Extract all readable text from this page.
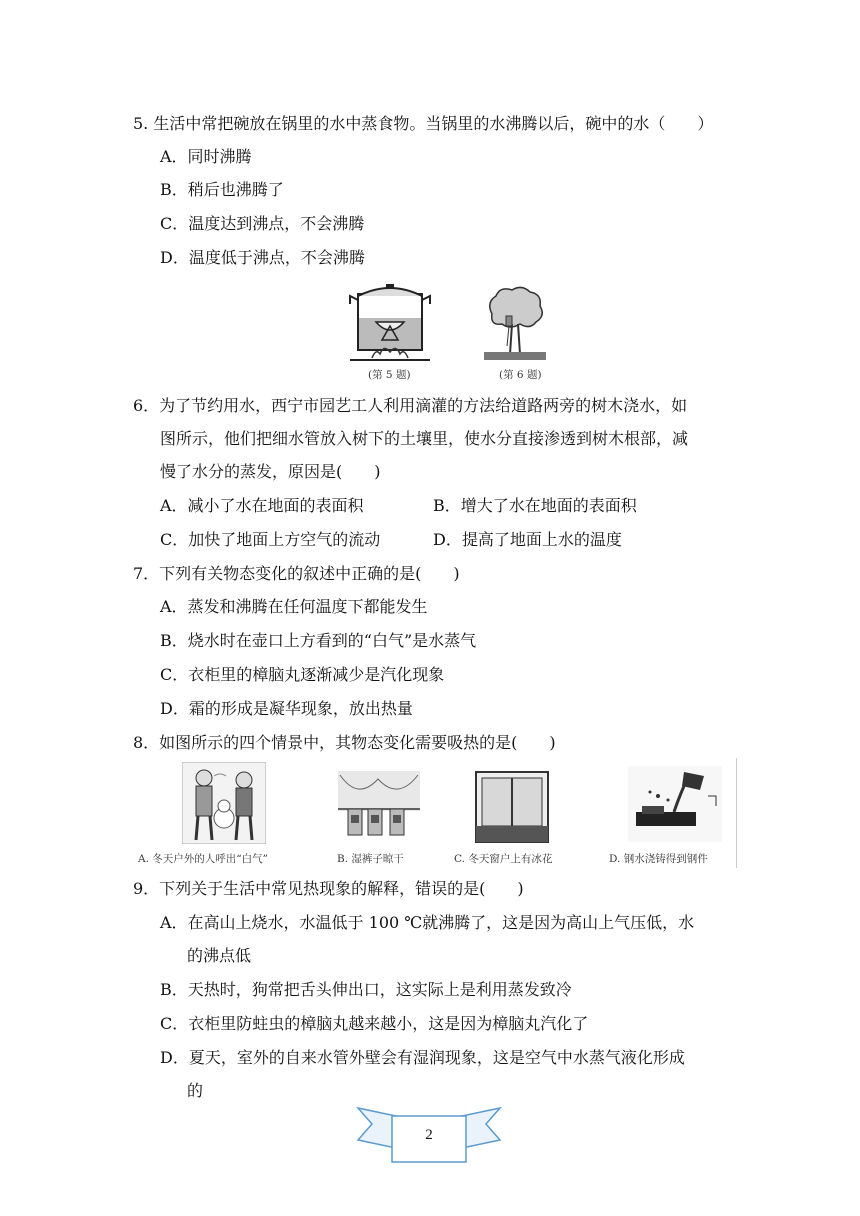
5. 生活中常把碗放在锅里的水中蒸食物。当锅里的水沸腾以后，碗中的水（　　）
A．同时沸腾
B．稍后也沸腾了
C．温度达到沸点，不会沸腾
D．温度低于沸点，不会沸腾
(第 5 题)	(第 6 题)
6．为了节约用水，西宁市园艺工人利用滴灌的方法给道路两旁的树木浇水，如
图所示，他们把细水管放入树下的土壤里，使水分直接渗透到树木根部，减
慢了水分的蒸发，原因是(　　)
A．减小了水在地面的表面积	B．增大了水在地面的表面积
C．加快了地面上方空气的流动	D．提高了地面上水的温度
7．下列有关物态变化的叙述中正确的是(　　)
A．蒸发和沸腾在任何温度下都能发生
B．烧水时在壶口上方看到的“白气”是水蒸气
C．衣柜里的樟脑丸逐渐减少是汽化现象
D．霜的形成是凝华现象，放出热量
8．如图所示的四个情景中，其物态变化需要吸热的是(　　)
A. 冬天户外的人呼出“白气”	B. 湿裤子晾干	C. 冬天窗户上有冰花	D. 钢水浇铸得到钢件
9．下列关于生活中常见热现象的解释，错误的是(　　)
A．在高山上烧水，水温低于 100 ℃就沸腾了，这是因为高山上气压低，水
的沸点低
B．天热时，狗常把舌头伸出口，这实际上是利用蒸发致冷
C．衣柜里防蛀虫的樟脑丸越来越小，这是因为樟脑丸汽化了
D．夏天，室外的自来水管外壁会有湿润现象，这是空气中水蒸气液化形成
的
2
